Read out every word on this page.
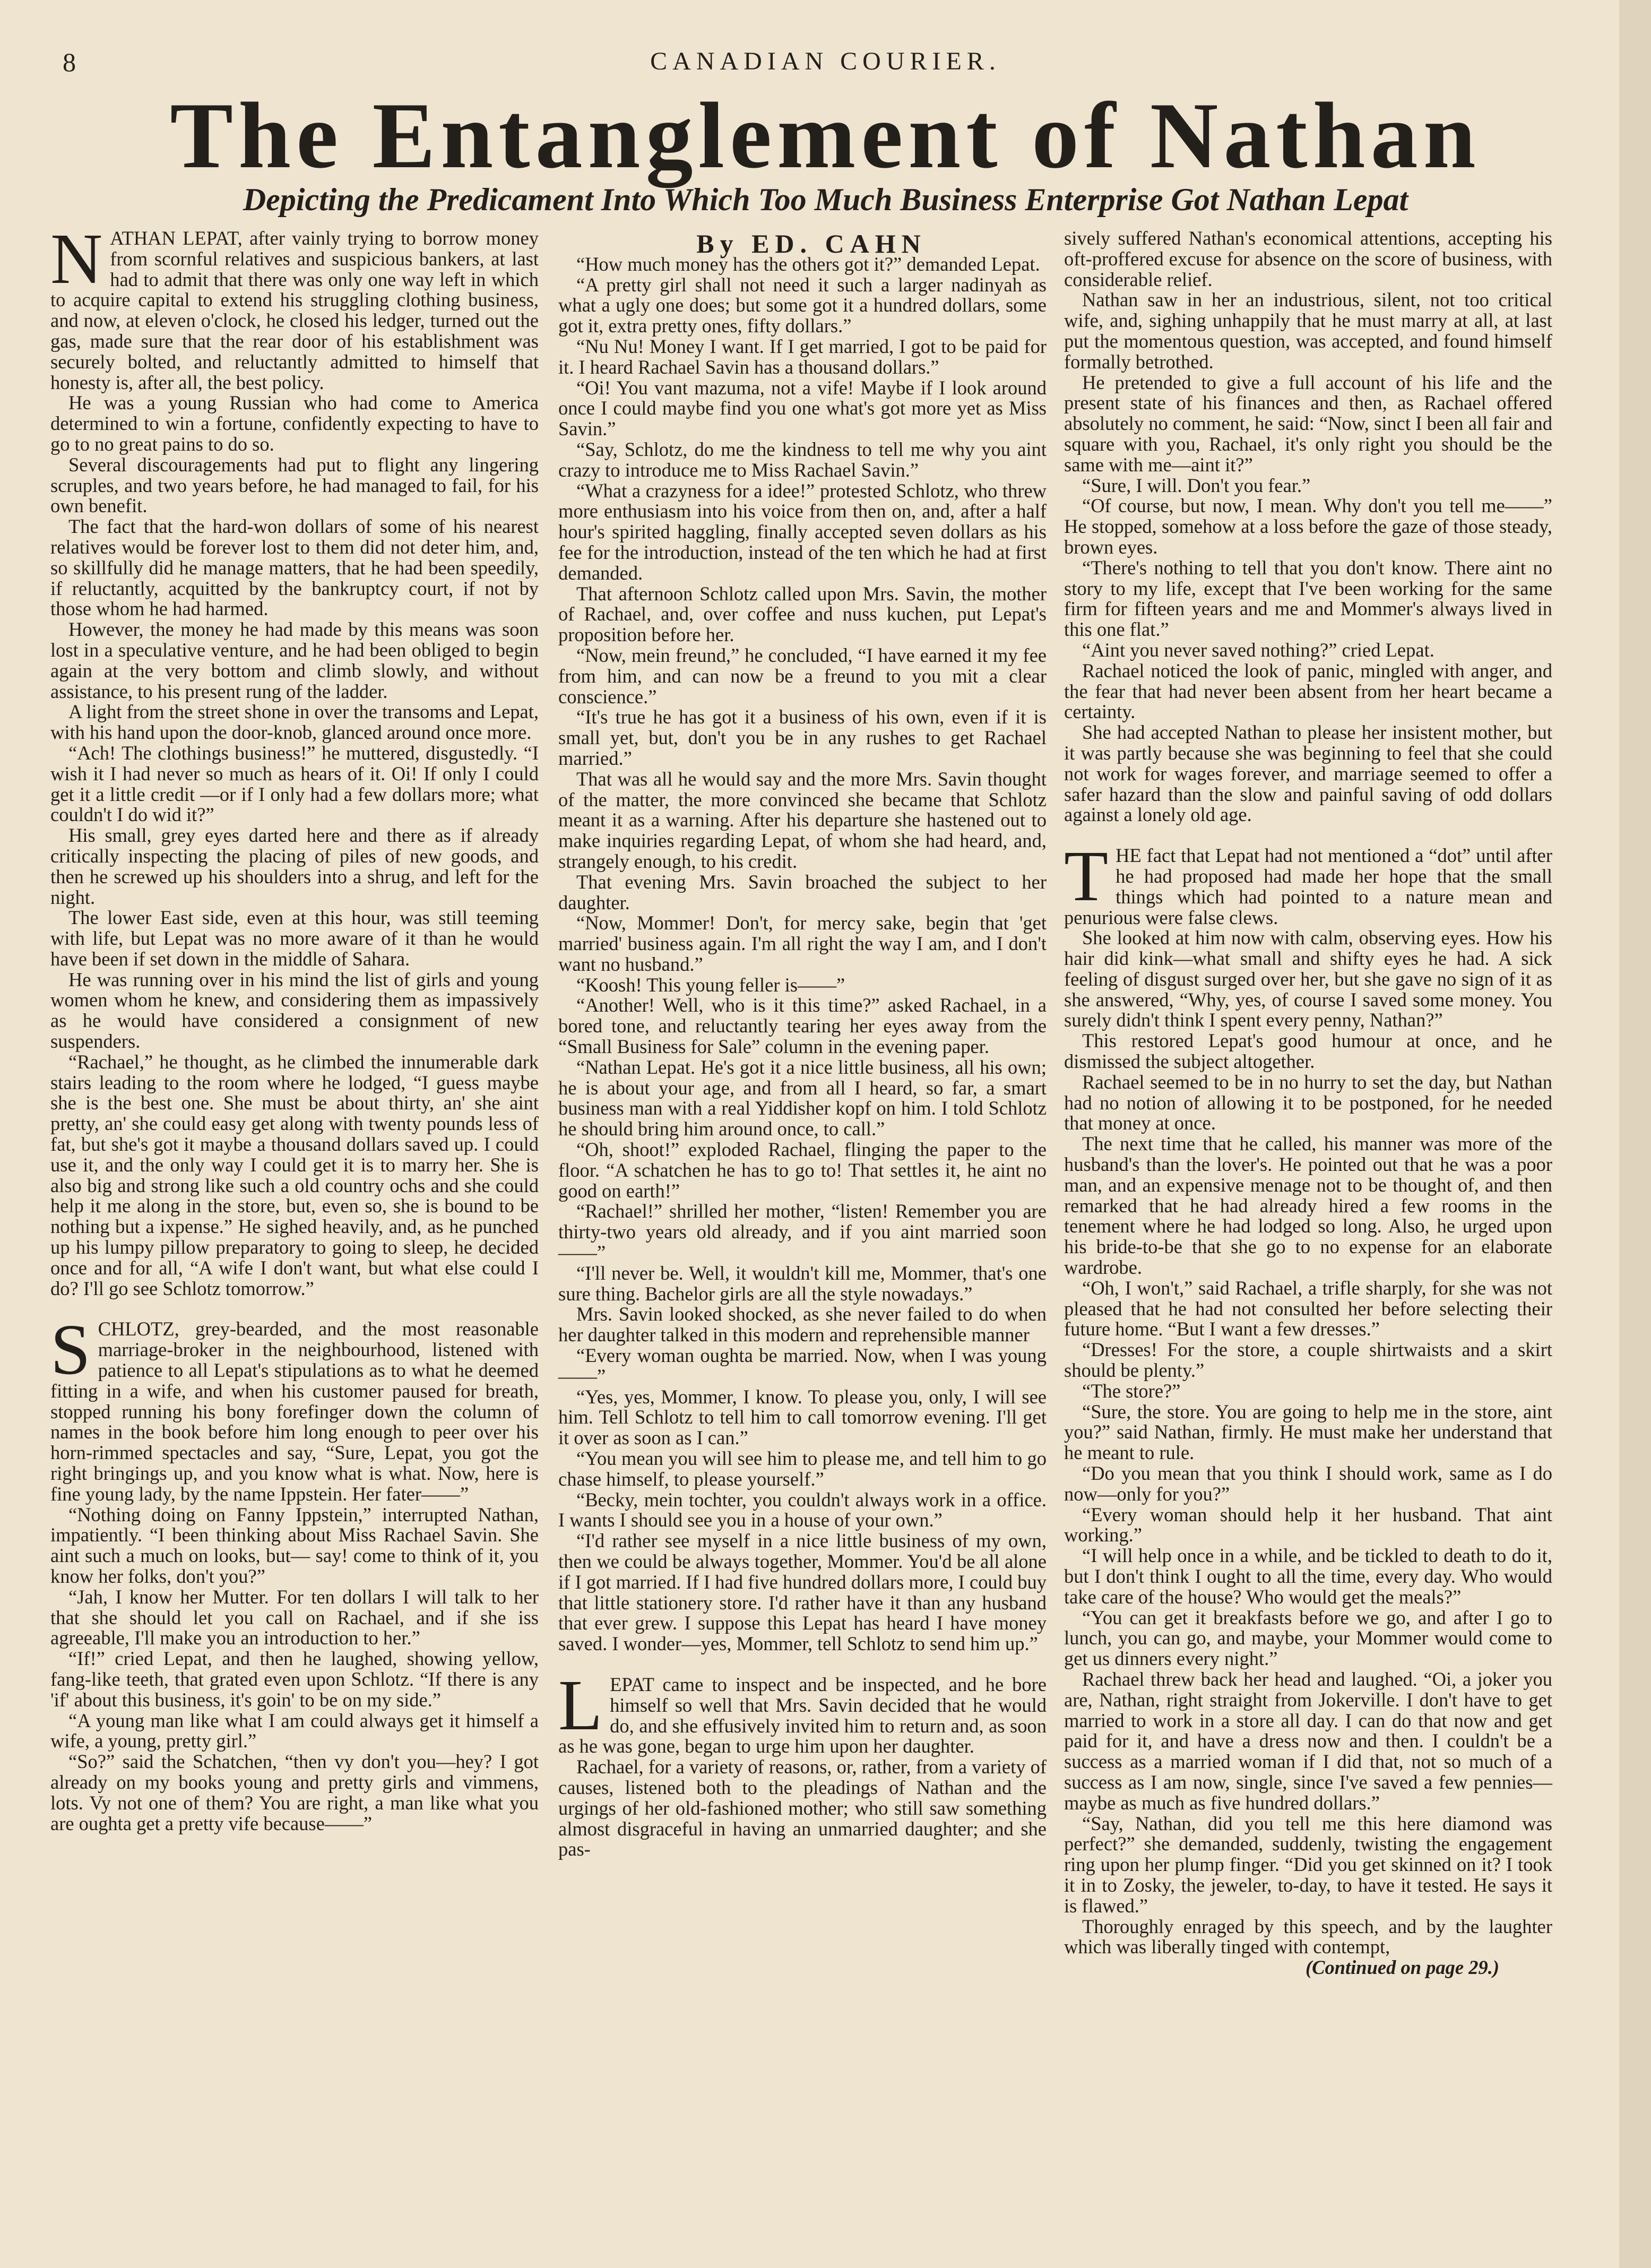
8	CANADIAN COURIER.
The Entanglement of Nathan
Depicting the Predicament Into Which Too Much Business Enterprise Got Nathan Lepat

NATHAN LEPAT, after vainly trying to borrow money from scornful relatives and suspicious bankers, at last had to admit that there was only one way left in which to acquire capital to extend his struggling clothing business, and now, at eleven o'clock, he closed his ledger, turned out the gas, made sure that the rear door of his establishment was securely bolted, and reluctantly admitted to himself that honesty is, after all, the best policy.

He was a young Russian who had come to America determined to win a fortune, confidently expecting to have to go to no great pains to do so.

Several discouragements had put to flight any lingering scruples, and two years before, he had managed to fail, for his own benefit.

The fact that the hard-won dollars of some of his nearest relatives would be forever lost to them did not deter him, and, so skillfully did he manage matters, that he had been speedily, if reluctantly, acquitted by the bankruptcy court, if not by those whom he had harmed.

However, the money he had made by this means was soon lost in a speculative venture, and he had been obliged to begin again at the very bottom and climb slowly, and without assistance, to his present rung of the ladder.

A light from the street shone in over the transoms and Lepat, with his hand upon the door-knob, glanced around once more.

“Ach! The clothings business!” he muttered, disgustedly. “I wish it I had never so much as hears of it. Oi! If only I could get it a little credit —or if I only had a few dollars more; what couldn't I do wid it?”

His small, grey eyes darted here and there as if already critically inspecting the placing of piles of new goods, and then he screwed up his shoulders into a shrug, and left for the night.

The lower East side, even at this hour, was still teeming with life, but Lepat was no more aware of it than he would have been if set down in the middle of Sahara.

He was running over in his mind the list of girls and young women whom he knew, and considering them as impassively as he would have considered a consignment of new suspenders.

“Rachael,” he thought, as he climbed the innumerable dark stairs leading to the room where he lodged, “I guess maybe she is the best one. She must be about thirty, an' she aint pretty, an' she could easy get along with twenty pounds less of fat, but she's got it maybe a thousand dollars saved up. I could use it, and the only way I could get it is to marry her. She is also big and strong like such a old country ochs and she could help it me along in the store, but, even so, she is bound to be nothing but a ixpense.” He sighed heavily, and, as he punched up his lumpy pillow preparatory to going to sleep, he decided once and for all, “A wife I don't want, but what else could I do? I'll go see Schlotz tomorrow.”

SCHLOTZ, grey-bearded, and the most reasonable marriage-broker in the neighbourhood, listened with patience to all Lepat's stipulations as to what he deemed fitting in a wife, and when his customer paused for breath, stopped running his bony forefinger down the column of names in the book before him long enough to peer over his horn-rimmed spectacles and say, “Sure, Lepat, you got the right bringings up, and you know what is what. Now, here is fine young lady, by the name Ippstein. Her fater——”

“Nothing doing on Fanny Ippstein,” interrupted Nathan, impatiently. “I been thinking about Miss Rachael Savin. She aint such a much on looks, but— say! come to think of it, you know her folks, don't you?”

“Jah, I know her Mutter. For ten dollars I will talk to her that she should let you call on Rachael, and if she iss agreeable, I'll make you an introduction to her.”

“If!” cried Lepat, and then he laughed, showing yellow, fang-like teeth, that grated even upon Schlotz. “If there is any 'if' about this business, it's goin' to be on my side.”

“A young man like what I am could always get it himself a wife, a young, pretty girl.”

“So?” said the Schatchen, “then vy don't you—hey? I got already on my books young and pretty girls and vimmens, lots. Vy not one of them? You are right, a man like what you are oughta get a pretty vife because——”

By ED. CAHN

“How much money has the others got it?” demanded Lepat.

“A pretty girl shall not need it such a larger nadinyah as what a ugly one does; but some got it a hundred dollars, some got it, extra pretty ones, fifty dollars.”

“Nu Nu! Money I want. If I get married, I got to be paid for it. I heard Rachael Savin has a thousand dollars.”

“Oi! You vant mazuma, not a vife! Maybe if I look around once I could maybe find you one what's got more yet as Miss Savin.”

“Say, Schlotz, do me the kindness to tell me why you aint crazy to introduce me to Miss Rachael Savin.”

“What a crazyness for a idee!” protested Schlotz, who threw more enthusiasm into his voice from then on, and, after a half hour's spirited haggling, finally accepted seven dollars as his fee for the introduction, instead of the ten which he had at first demanded.

That afternoon Schlotz called upon Mrs. Savin, the mother of Rachael, and, over coffee and nuss kuchen, put Lepat's proposition before her.

“Now, mein freund,” he concluded, “I have earned it my fee from him, and can now be a freund to you mit a clear conscience.”

“It's true he has got it a business of his own, even if it is small yet, but, don't you be in any rushes to get Rachael married.”

That was all he would say and the more Mrs. Savin thought of the matter, the more convinced she became that Schlotz meant it as a warning. After his departure she hastened out to make inquiries regarding Lepat, of whom she had heard, and, strangely enough, to his credit.

That evening Mrs. Savin broached the subject to her daughter.

“Now, Mommer! Don't, for mercy sake, begin that 'get married' business again. I'm all right the way I am, and I don't want no husband.”

“Koosh! This young feller is——”

“Another! Well, who is it this time?” asked Rachael, in a bored tone, and reluctantly tearing her eyes away from the “Small Business for Sale” column in the evening paper.

“Nathan Lepat. He's got it a nice little business, all his own; he is about your age, and from all I heard, so far, a smart business man with a real Yiddisher kopf on him. I told Schlotz he should bring him around once, to call.”

“Oh, shoot!” exploded Rachael, flinging the paper to the floor. “A schatchen he has to go to! That settles it, he aint no good on earth!”

“Rachael!” shrilled her mother, “listen! Remember you are thirty-two years old already, and if you aint married soon——”

“I'll never be. Well, it wouldn't kill me, Mommer, that's one sure thing. Bachelor girls are all the style nowadays.”

Mrs. Savin looked shocked, as she never failed to do when her daughter talked in this modern and reprehensible manner

“Every woman oughta be married. Now, when I was young——”

“Yes, yes, Mommer, I know. To please you, only, I will see him. Tell Schlotz to tell him to call tomorrow evening. I'll get it over as soon as I can.”

“You mean you will see him to please me, and tell him to go chase himself, to please yourself.”

“Becky, mein tochter, you couldn't always work in a office. I wants I should see you in a house of your own.”

“I'd rather see myself in a nice little business of my own, then we could be always together, Mommer. You'd be all alone if I got married. If I had five hundred dollars more, I could buy that little stationery store. I'd rather have it than any husband that ever grew. I suppose this Lepat has heard I have money saved. I wonder—yes, Mommer, tell Schlotz to send him up.”

LEPAT came to inspect and be inspected, and he bore himself so well that Mrs. Savin decided that he would do, and she effusively invited him to return and, as soon as he was gone, began to urge him upon her daughter.

Rachael, for a variety of reasons, or, rather, from a variety of causes, listened both to the pleadings of Nathan and the urgings of her old-fashioned mother; who still saw something almost disgraceful in having an unmarried daughter; and she pas-

sively suffered Nathan's economical attentions, accepting his oft-proffered excuse for absence on the score of business, with considerable relief.

Nathan saw in her an industrious, silent, not too critical wife, and, sighing unhappily that he must marry at all, at last put the momentous question, was accepted, and found himself formally betrothed.

He pretended to give a full account of his life and the present state of his finances and then, as Rachael offered absolutely no comment, he said: “Now, sinct I been all fair and square with you, Rachael, it's only right you should be the same with me—aint it?”

“Sure, I will. Don't you fear.”

“Of course, but now, I mean. Why don't you tell me——” He stopped, somehow at a loss before the gaze of those steady, brown eyes.

“There's nothing to tell that you don't know. There aint no story to my life, except that I've been working for the same firm for fifteen years and me and Mommer's always lived in this one flat.”

“Aint you never saved nothing?” cried Lepat.

Rachael noticed the look of panic, mingled with anger, and the fear that had never been absent from her heart became a certainty.

She had accepted Nathan to please her insistent mother, but it was partly because she was beginning to feel that she could not work for wages forever, and marriage seemed to offer a safer hazard than the slow and painful saving of odd dollars against a lonely old age.

THE fact that Lepat had not mentioned a “dot” until after he had proposed had made her hope that the small things which had pointed to a nature mean and penurious were false clews.

She looked at him now with calm, observing eyes. How his hair did kink—what small and shifty eyes he had. A sick feeling of disgust surged over her, but she gave no sign of it as she answered, “Why, yes, of course I saved some money. You surely didn't think I spent every penny, Nathan?”

This restored Lepat's good humour at once, and he dismissed the subject altogether.

Rachael seemed to be in no hurry to set the day, but Nathan had no notion of allowing it to be postponed, for he needed that money at once.

The next time that he called, his manner was more of the husband's than the lover's. He pointed out that he was a poor man, and an expensive menage not to be thought of, and then remarked that he had already hired a few rooms in the tenement where he had lodged so long. Also, he urged upon his bride-to-be that she go to no expense for an elaborate wardrobe.

“Oh, I won't,” said Rachael, a trifle sharply, for she was not pleased that he had not consulted her before selecting their future home. “But I want a few dresses.”

“Dresses! For the store, a couple shirtwaists and a skirt should be plenty.”

“The store?”

“Sure, the store. You are going to help me in the store, aint you?” said Nathan, firmly. He must make her understand that he meant to rule.

“Do you mean that you think I should work, same as I do now—only for you?”

“Every woman should help it her husband. That aint working.”

“I will help once in a while, and be tickled to death to do it, but I don't think I ought to all the time, every day. Who would take care of the house? Who would get the meals?”

“You can get it breakfasts before we go, and after I go to lunch, you can go, and maybe, your Mommer would come to get us dinners every night.”

Rachael threw back her head and laughed. “Oi, a joker you are, Nathan, right straight from Jokerville. I don't have to get married to work in a store all day. I can do that now and get paid for it, and have a dress now and then. I couldn't be a success as a married woman if I did that, not so much of a success as I am now, single, since I've saved a few pennies—maybe as much as five hundred dollars.”

“Say, Nathan, did you tell me this here diamond was perfect?” she demanded, suddenly, twisting the engagement ring upon her plump finger. “Did you get skinned on it? I took it in to Zosky, the jeweler, to-day, to have it tested. He says it is flawed.”

Thoroughly enraged by this speech, and by the laughter which was liberally tinged with contempt,

(Continued on page 29.)
